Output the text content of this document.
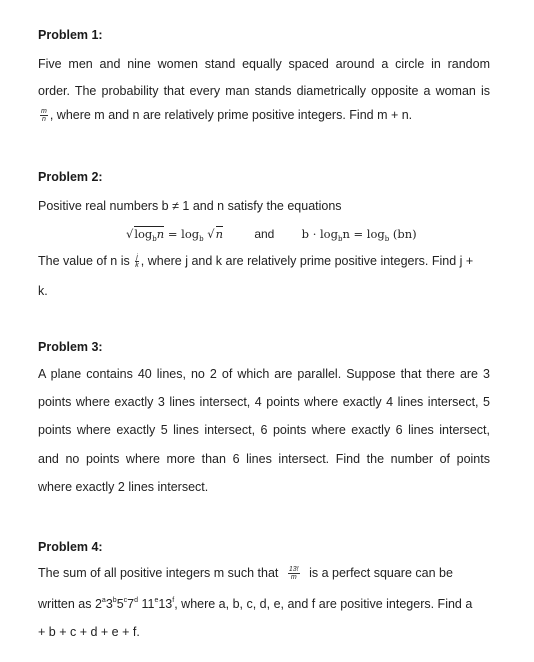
Problem 1:
Five men and nine women stand equally spaced around a circle in random
order. The probability that every man stands diametrically opposite a woman is
$\frac{m}{n}$ , where m and n are relatively prime positive integers. Find m + n.
Problem 2:
Positive real numbers b ≠ 1 and n satisfy the equations
$√\log_bn = \log_b √n$	and $b \cdot \log_bn = \log_b (bn)$
The value of n is $\frac{j}{k}$ , where j and k are relatively prime positive integers. Find j +
k.
Problem 3:
A plane contains 40 lines, no 2 of which are parallel. Suppose that there are 3
points where exactly 3 lines intersect, 4 points where exactly 4 lines intersect, 5
points where exactly 5 lines intersect, 6 points where exactly 6 lines intersect,
and no points where more than 6 lines intersect. Find the number of points
where exactly 2 lines intersect.
Problem 4:
The sum of all positive integers m such that $\frac{13!}{m}$ is a perfect square can be
written as 2$^a$3$^b$5$^c$7$^d$ 11e13$^f$, where a, b, c, d, e, and f are positive integers. Find a
+ b + c + d + e + f.
